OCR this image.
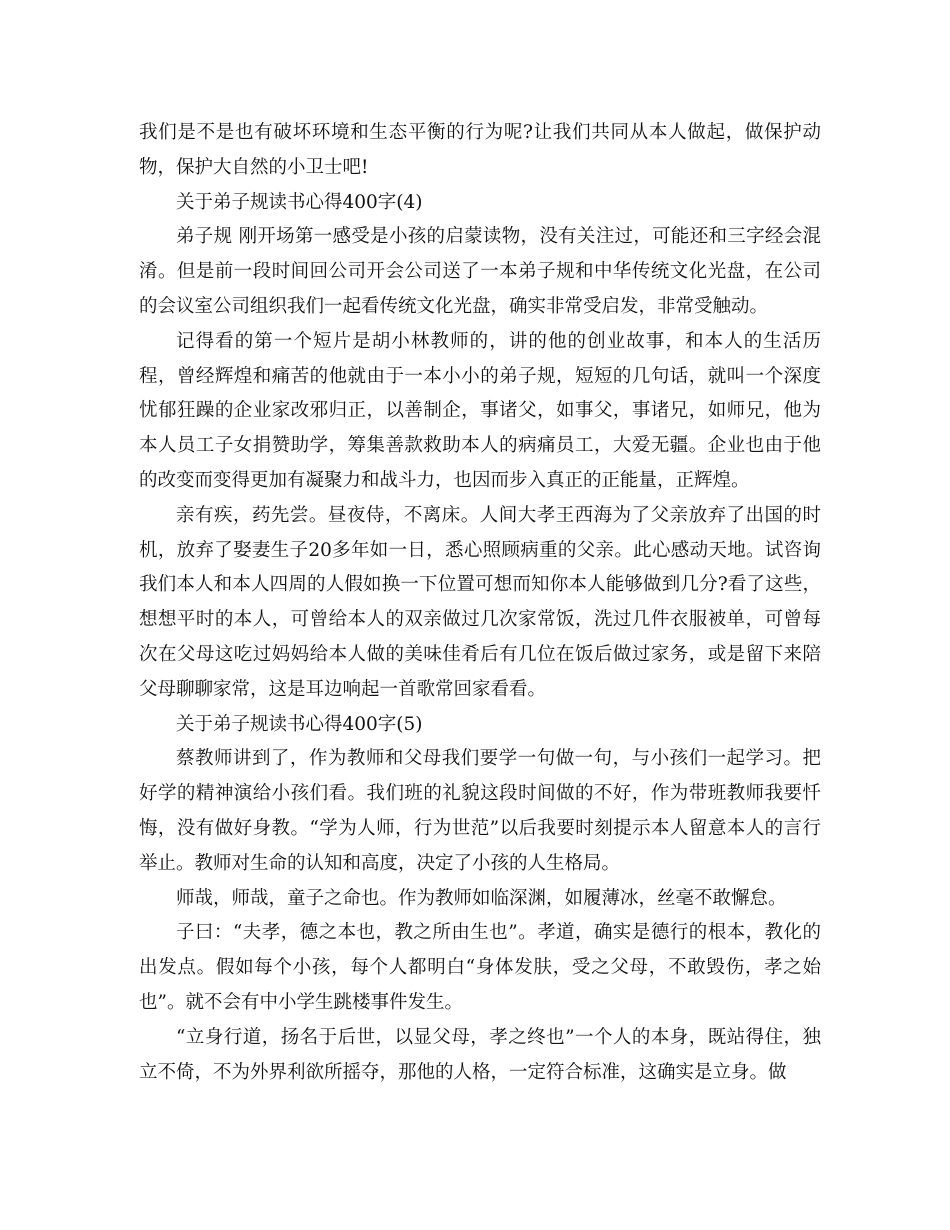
我们是不是也有破坏环境和生态平衡的行为呢?让我们共同从本人做起，做保护动物，保护大自然的小卫士吧!

关于弟子规读书心得400字(4)

弟子规 刚开场第一感受是小孩的启蒙读物，没有关注过，可能还和三字经会混淆。但是前一段时间回公司开会公司送了一本弟子规和中华传统文化光盘，在公司的会议室公司组织我们一起看传统文化光盘，确实非常受启发，非常受触动。

记得看的第一个短片是胡小林教师的，讲的他的创业故事，和本人的生活历程，曾经辉煌和痛苦的他就由于一本小小的弟子规，短短的几句话，就叫一个深度忧郁狂躁的企业家改邪归正，以善制企，事诸父，如事父，事诸兄，如师兄，他为本人员工子女捐赞助学，筹集善款救助本人的病痛员工，大爱无疆。企业也由于他的改变而变得更加有凝聚力和战斗力，也因而步入真正的正能量，正辉煌。

亲有疾，药先尝。昼夜侍，不离床。人间大孝王西海为了父亲放弃了出国的时机，放弃了娶妻生子20多年如一日，悉心照顾病重的父亲。此心感动天地。试咨询我们本人和本人四周的人假如换一下位置可想而知你本人能够做到几分?看了这些，想想平时的本人，可曾给本人的双亲做过几次家常饭，洗过几件衣服被单，可曾每次在父母这吃过妈妈给本人做的美味佳肴后有几位在饭后做过家务，或是留下来陪父母聊聊家常，这是耳边响起一首歌常回家看看。

关于弟子规读书心得400字(5)

蔡教师讲到了，作为教师和父母我们要学一句做一句，与小孩们一起学习。把好学的精神演给小孩们看。我们班的礼貌这段时间做的不好，作为带班教师我要忏悔，没有做好身教。“学为人师，行为世范”以后我要时刻提示本人留意本人的言行举止。教师对生命的认知和高度，决定了小孩的人生格局。

师哉，师哉，童子之命也。作为教师如临深渊，如履薄冰，丝毫不敢懈怠。

子曰：“夫孝，德之本也，教之所由生也”。孝道，确实是德行的根本，教化的出发点。假如每个小孩，每个人都明白“身体发肤，受之父母，不敢毁伤，孝之始也”。就不会有中小学生跳楼事件发生。

“立身行道，扬名于后世，以显父母，孝之终也”一个人的本身，既站得住，独立不倚，不为外界利欲所摇夺，那他的人格，一定符合标准，这确实是立身。做
